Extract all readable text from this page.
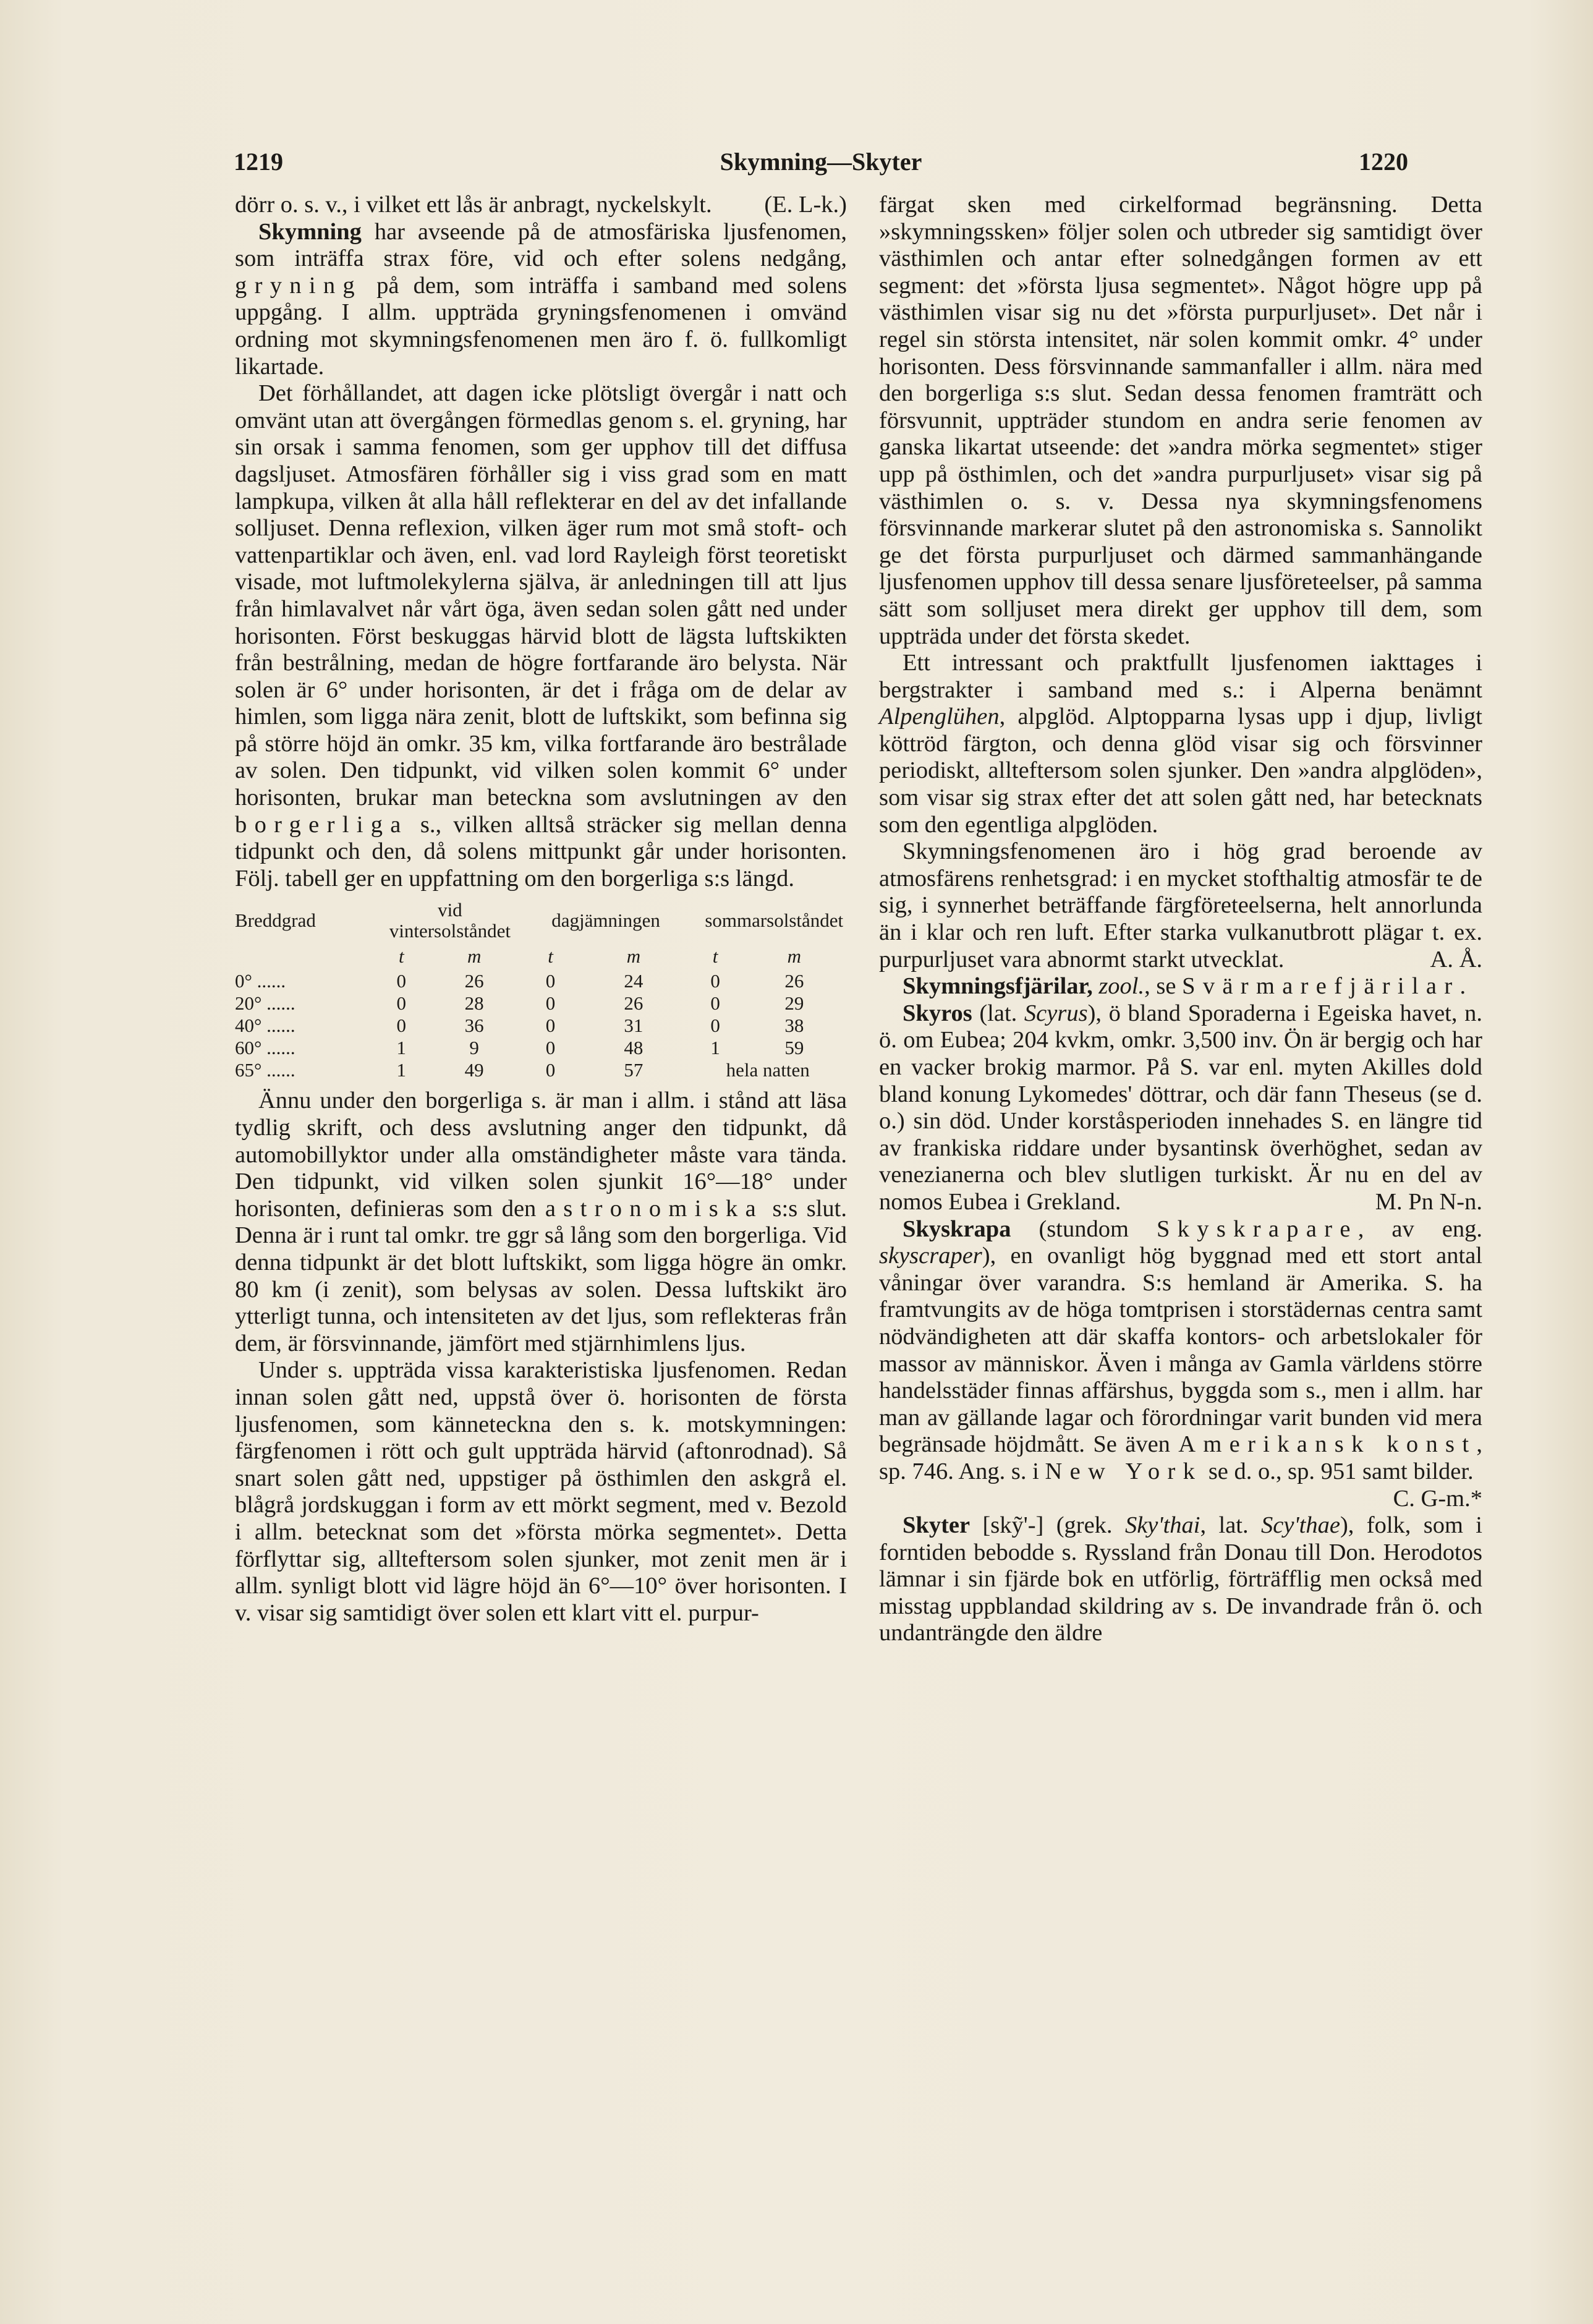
1219	Skymning—Skyter	1220

dörr o. s. v., i vilket ett lås är anbragt, nyckelskylt. (E. L-k.)

Skymning har avseende på de atmosfäriska ljusfenomen, som inträffa strax före, vid och efter solens nedgång, gryning på dem, som inträffa i samband med solens uppgång. I allm. uppträda gryningsfenomenen i omvänd ordning mot skymningsfenomenen men äro f. ö. fullkomligt likartade.

Det förhållandet, att dagen icke plötsligt övergår i natt och omvänt utan att övergången förmedlas genom s. el. gryning, har sin orsak i samma fenomen, som ger upphov till det diffusa dagsljuset. Atmosfären förhåller sig i viss grad som en matt lampkupa, vilken åt alla håll reflekterar en del av det infallande solljuset. Denna reflexion, vilken äger rum mot små stoft- och vattenpartiklar och även, enl. vad lord Rayleigh först teoretiskt visade, mot luftmolekylerna själva, är anledningen till att ljus från himlavalvet når vårt öga, även sedan solen gått ned under horisonten. Först beskuggas härvid blott de lägsta luftskikten från bestrålning, medan de högre fortfarande äro belysta. När solen är 6° under horisonten, är det i fråga om de delar av himlen, som ligga nära zenit, blott de luftskikt, som befinna sig på större höjd än omkr. 35 km, vilka fortfarande äro bestrålade av solen. Den tidpunkt, vid vilken solen kommit 6° under horisonten, brukar man beteckna som avslutningen av den borgerliga s., vilken alltså sträcker sig mellan denna tidpunkt och den, då solens mittpunkt går under horisonten. Följ. tabell ger en uppfattning om den borgerliga s:s längd.

Breddgrad	vid vintersolståndet		dagjämningen		sommarsolståndet	
	t	m	t	m	t	m
0° ......	0	26	0	24	0	26
20° ......	0	28	0	26	0	29
40° ......	0	36	0	31	0	38
60° ......	1	9	0	48	1	59
65° ......	1	49	0	57	hela natten	

Ännu under den borgerliga s. är man i allm. i stånd att läsa tydlig skrift, och dess avslutning anger den tidpunkt, då automobillyktor under alla omständigheter måste vara tända. Den tidpunkt, vid vilken solen sjunkit 16°—18° under horisonten, definieras som den astronomiska s:s slut. Denna är i runt tal omkr. tre ggr så lång som den borgerliga. Vid denna tidpunkt är det blott luftskikt, som ligga högre än omkr. 80 km (i zenit), som belysas av solen. Dessa luftskikt äro ytterligt tunna, och intensiteten av det ljus, som reflekteras från dem, är försvinnande, jämfört med stjärnhimlens ljus.

Under s. uppträda vissa karakteristiska ljusfenomen. Redan innan solen gått ned, uppstå över ö. horisonten de första ljusfenomen, som känneteckna den s. k. motskymningen: färgfenomen i rött och gult uppträda härvid (aftonrodnad). Så snart solen gått ned, uppstiger på östhimlen den askgrå el. blågrå jordskuggan i form av ett mörkt segment, med v. Bezold i allm. betecknat som det »första mörka segmentet». Detta förflyttar sig, allteftersom solen sjunker, mot zenit men är i allm. synligt blott vid lägre höjd än 6°—10° över horisonten. I v. visar sig samtidigt över solen ett klart vitt el. purpur-

färgat sken med cirkelformad begränsning. Detta »skymningssken» följer solen och utbreder sig samtidigt över västhimlen och antar efter solnedgången formen av ett segment: det »första ljusa segmentet». Något högre upp på västhimlen visar sig nu det »första purpurljuset». Det når i regel sin största intensitet, när solen kommit omkr. 4° under horisonten. Dess försvinnande sammanfaller i allm. nära med den borgerliga s:s slut. Sedan dessa fenomen framträtt och försvunnit, uppträder stundom en andra serie fenomen av ganska likartat utseende: det »andra mörka segmentet» stiger upp på östhimlen, och det »andra purpurljuset» visar sig på västhimlen o. s. v. Dessa nya skymningsfenomens försvinnande markerar slutet på den astronomiska s. Sannolikt ge det första purpurljuset och därmed sammanhängande ljusfenomen upphov till dessa senare ljusföreteelser, på samma sätt som solljuset mera direkt ger upphov till dem, som uppträda under det första skedet.

Ett intressant och praktfullt ljusfenomen iakttages i bergstrakter i samband med s.: i Alperna benämnt Alpenglühen, alpglöd. Alptopparna lysas upp i djup, livligt köttröd färgton, och denna glöd visar sig och försvinner periodiskt, allteftersom solen sjunker. Den »andra alpglöden», som visar sig strax efter det att solen gått ned, har betecknats som den egentliga alpglöden.

Skymningsfenomenen äro i hög grad beroende av atmosfärens renhetsgrad: i en mycket stofthaltig atmosfär te de sig, i synnerhet beträffande färgföreteelserna, helt annorlunda än i klar och ren luft. Efter starka vulkanutbrott plägar t. ex. purpurljuset vara abnormt starkt utvecklat.	A. Å.

Skymningsfjärilar, zool., se Svärmarefjärilar.

Skyros (lat. Scyrus), ö bland Sporaderna i Egeiska havet, n. ö. om Eubea; 204 kvkm, omkr. 3,500 inv. Ön är bergig och har en vacker brokig marmor. På S. var enl. myten Akilles dold bland konung Lykomedes' döttrar, och där fann Theseus (se d. o.) sin död. Under korståsperioden innehades S. en längre tid av frankiska riddare under bysantinsk överhöghet, sedan av venezianerna och blev slutligen turkiskt. Är nu en del av nomos Eubea i Grekland.	M. Pn N-n.

Skyskrapa (stundom Skyskrapare, av eng. skyscraper), en ovanligt hög byggnad med ett stort antal våningar över varandra. S:s hemland är Amerika. S. ha framtvungits av de höga tomtprisen i storstädernas centra samt nödvändigheten att där skaffa kontors- och arbetslokaler för massor av människor. Även i många av Gamla världens större handelsstäder finnas affärshus, byggda som s., men i allm. har man av gällande lagar och förordningar varit bunden vid mera begränsade höjdmått. Se även Amerikansk konst, sp. 746. Ang. s. i New York se d. o., sp. 951 samt bilder.
C. G-m.*

Skyter [skỹ'-] (grek. Sky'thai, lat. Scy'thae), folk, som i forntiden bebodde s. Ryssland från Donau till Don. Herodotos lämnar i sin fjärde bok en utförlig, förträfflig men också med misstag uppblandad skildring av s. De invandrade från ö. och undanträngde den äldre
